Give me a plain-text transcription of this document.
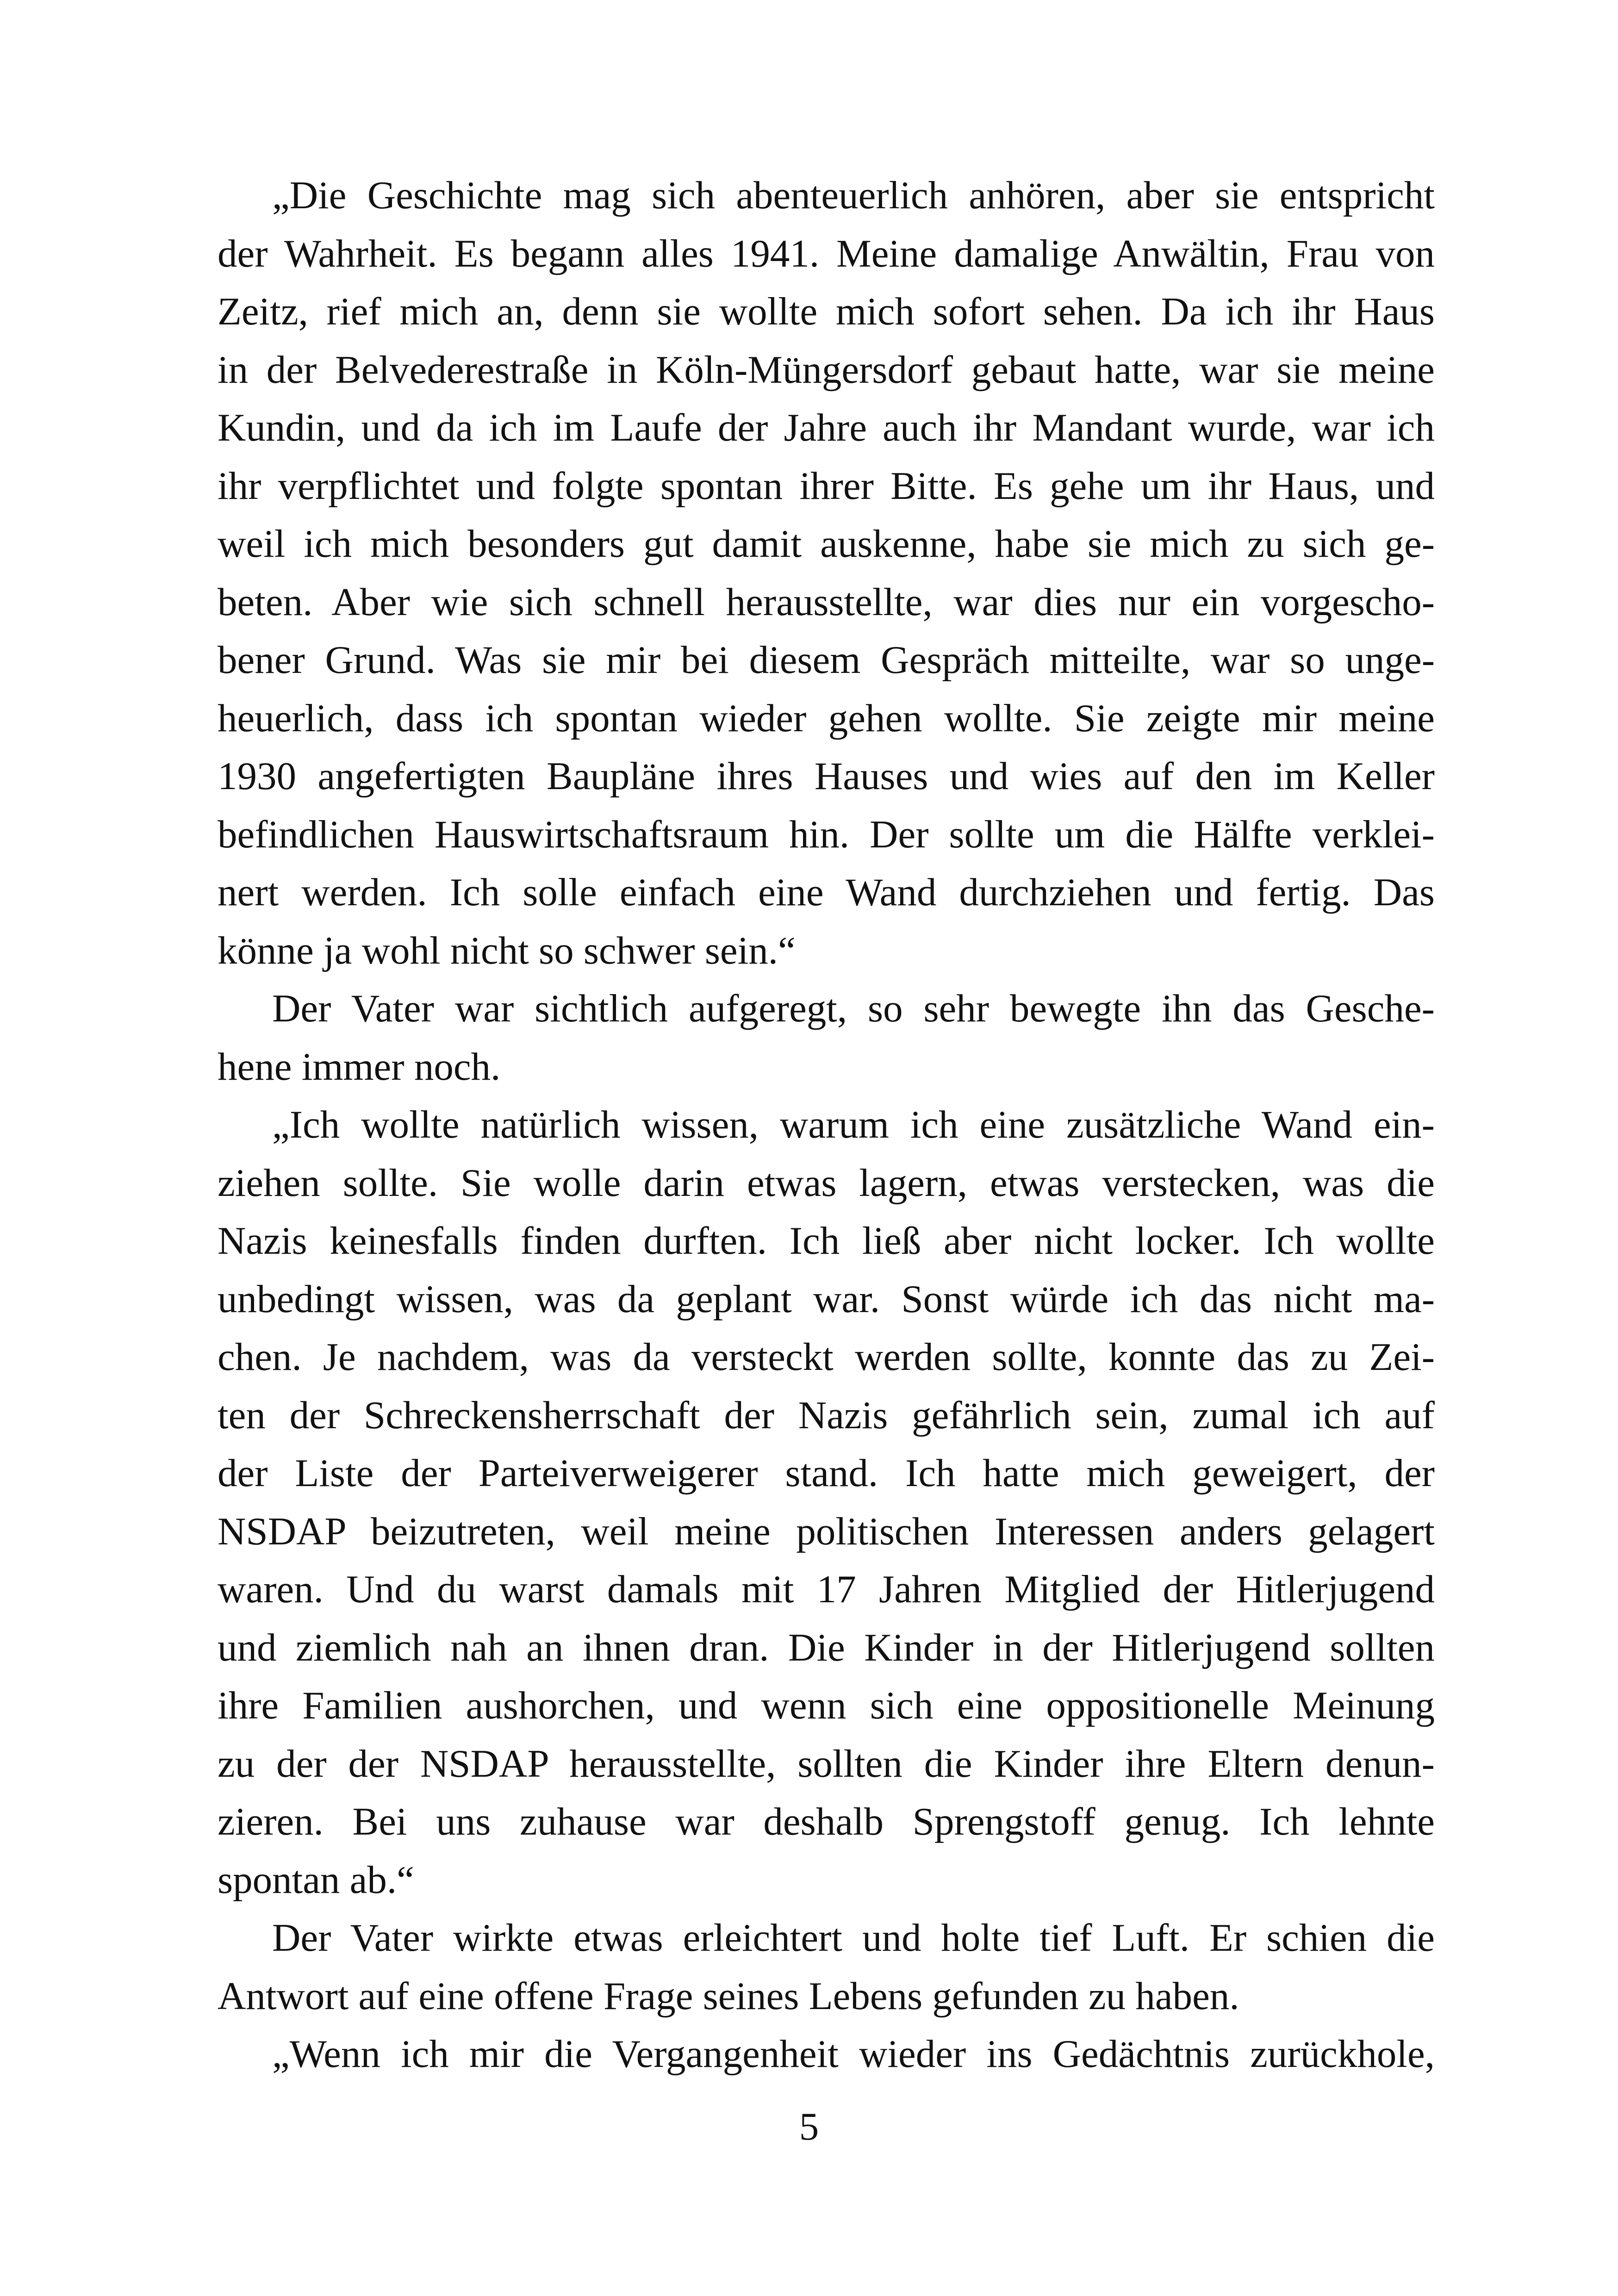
„Die Geschichte mag sich abenteuerlich anhören, aber sie entspricht
der Wahrheit. Es begann alles 1941. Meine damalige Anwältin, Frau von
Zeitz, rief mich an, denn sie wollte mich sofort sehen. Da ich ihr Haus
in der Belvederestraße in Köln-Müngersdorf gebaut hatte, war sie meine
Kundin, und da ich im Laufe der Jahre auch ihr Mandant wurde, war ich
ihr verpflichtet und folgte spontan ihrer Bitte. Es gehe um ihr Haus, und
weil ich mich besonders gut damit auskenne, habe sie mich zu sich ge-
beten. Aber wie sich schnell herausstellte, war dies nur ein vorgescho-
bener Grund. Was sie mir bei diesem Gespräch mitteilte, war so unge-
heuerlich, dass ich spontan wieder gehen wollte. Sie zeigte mir meine
1930 angefertigten Baupläne ihres Hauses und wies auf den im Keller
befindlichen Hauswirtschaftsraum hin. Der sollte um die Hälfte verklei-
nert werden. Ich solle einfach eine Wand durchziehen und fertig. Das
könne ja wohl nicht so schwer sein.“
Der Vater war sichtlich aufgeregt, so sehr bewegte ihn das Gesche-
hene immer noch.
„Ich wollte natürlich wissen, warum ich eine zusätzliche Wand ein-
ziehen sollte. Sie wolle darin etwas lagern, etwas verstecken, was die
Nazis keinesfalls finden durften. Ich ließ aber nicht locker. Ich wollte
unbedingt wissen, was da geplant war. Sonst würde ich das nicht ma-
chen. Je nachdem, was da versteckt werden sollte, konnte das zu Zei-
ten der Schreckensherrschaft der Nazis gefährlich sein, zumal ich auf
der Liste der Parteiverweigerer stand. Ich hatte mich geweigert, der
NSDAP beizutreten, weil meine politischen Interessen anders gelagert
waren. Und du warst damals mit 17 Jahren Mitglied der Hitlerjugend
und ziemlich nah an ihnen dran. Die Kinder in der Hitlerjugend sollten
ihre Familien aushorchen, und wenn sich eine oppositionelle Meinung
zu der der NSDAP herausstellte, sollten die Kinder ihre Eltern denun-
zieren. Bei uns zuhause war deshalb Sprengstoff genug. Ich lehnte
spontan ab.“
Der Vater wirkte etwas erleichtert und holte tief Luft. Er schien die
Antwort auf eine offene Frage seines Lebens gefunden zu haben.
„Wenn ich mir die Vergangenheit wieder ins Gedächtnis zurückhole,
5
